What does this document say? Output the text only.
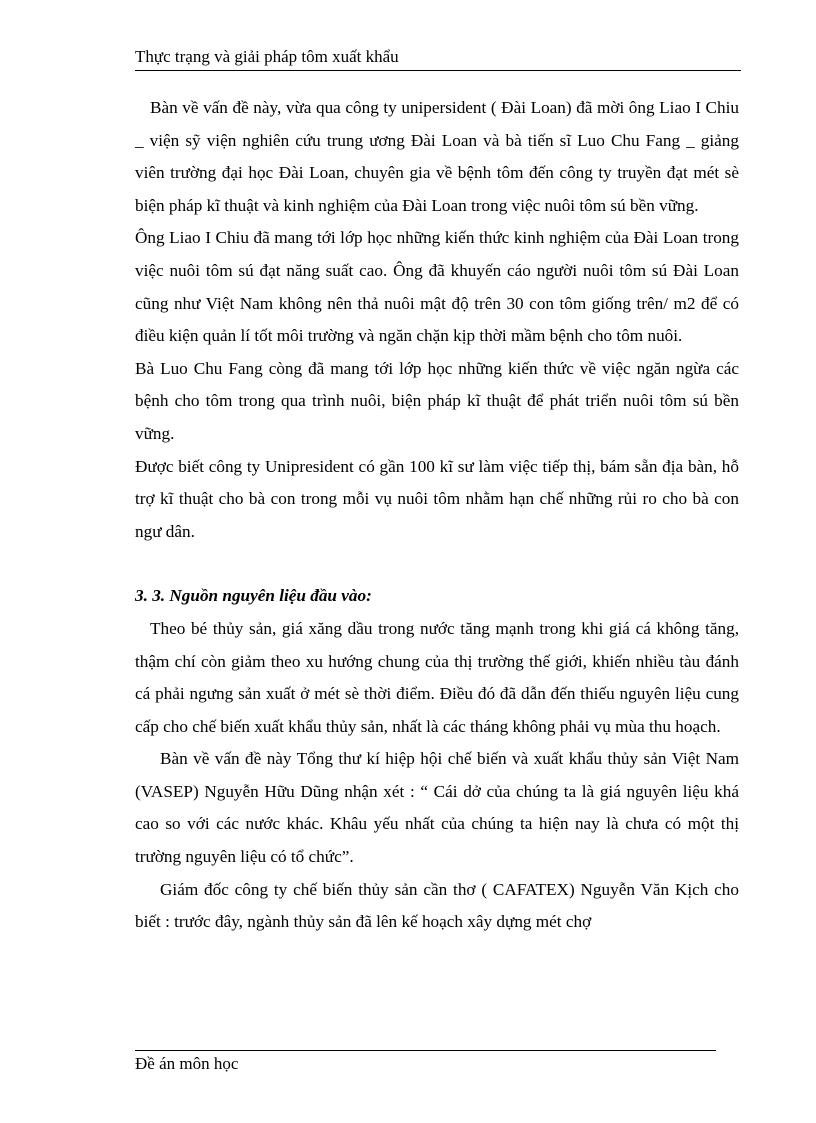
Thực trạng và giải pháp tôm xuất khẩu

Bàn về vấn đề này, vừa qua công ty unipersident ( Đài Loan) đã mời ông Liao I Chiu _ viện sỹ viện nghiên cứu trung ương Đài Loan và bà tiến sĩ Luo Chu Fang _ giảng viên trường đại học Đài Loan, chuyên gia về bệnh tôm đến công ty truyền đạt mét sè biện pháp kĩ thuật và kinh nghiệm của Đài Loan trong việc nuôi tôm sú bền vững.

Ông Liao I Chiu đã mang tới lớp học những kiến thức kinh nghiệm của Đài Loan trong việc nuôi tôm sú đạt năng suất cao. Ông đã khuyến cáo người nuôi tôm sú Đài Loan cũng như Việt Nam không nên thả nuôi mật độ trên 30 con tôm giống trên/ m2 để có điều kiện quản lí tốt môi trường và ngăn chặn kịp thời mầm bệnh cho tôm nuôi.

Bà Luo Chu Fang còng đã mang tới lớp học những kiến thức về việc ngăn ngừa các bệnh cho tôm trong qua trình nuôi, biện pháp kĩ thuật để phát triển nuôi tôm sú bền vững.

Được biết công ty Unipresident có gần 100 kĩ sư làm việc tiếp thị, bám sẵn địa bàn, hỗ trợ kĩ thuật cho bà con trong mỗi vụ nuôi tôm nhằm hạn chế những rủi ro cho bà con ngư dân.

3. 3. Nguồn nguyên liệu đầu vào:

Theo bé thủy sản, giá xăng dầu trong nước tăng mạnh trong khi giá cá không tăng, thậm chí còn giảm theo xu hướng chung của thị trường thế giới, khiến nhiều tàu đánh cá phải ngưng sản xuất ở mét sè thời điểm. Điều đó đã dẫn đến thiếu nguyên liệu cung cấp cho chế biến xuất khẩu thủy sản, nhất là các tháng không phải vụ mùa thu hoạch.

Bàn về vấn đề này Tổng thư kí hiệp hội chế biến và xuất khẩu thủy sản Việt Nam (VASEP) Nguyễn Hữu Dũng nhận xét : “ Cái dở của chúng ta là giá nguyên liệu khá cao so với các nước khác. Khâu yếu nhất của chúng ta hiện nay là chưa có một thị trường nguyên liệu có tổ chức”.

Giám đốc công ty chế biến thủy sản cần thơ ( CAFATEX) Nguyễn Văn Kịch cho biết : trước đây, ngành thủy sản đã lên kế hoạch xây dựng mét chợ

Đề án môn học
